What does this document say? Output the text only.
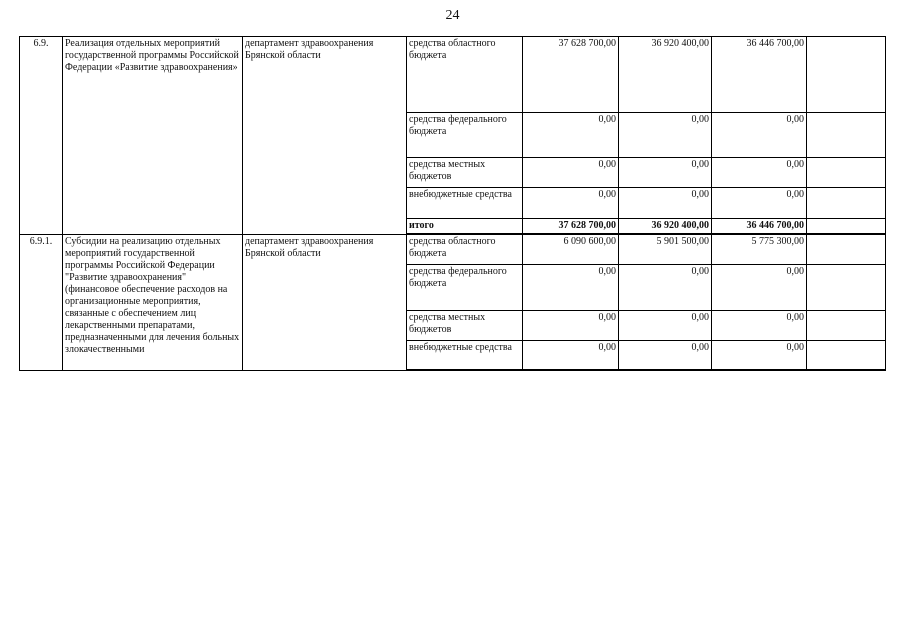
24
6.9.	Реализация отдельных мероприятий государственной программы Российской Федерации «Развитие здравоохранения»	департамент здравоохранения Брянской области	средства областного бюджета	37 628 700,00	36 920 400,00	36 446 700,00	
			средства федерального бюджета	0,00	0,00	0,00	
			средства местных бюджетов	0,00	0,00	0,00	
			внебюджетные средства	0,00	0,00	0,00	
			итого	37 628 700,00	36 920 400,00	36 446 700,00	
6.9.1.	Субсидии на реализацию отдельных мероприятий государственной программы Российской Федерации "Развитие здравоохранения" (финансовое обеспечение расходов на организационные мероприятия, связанные с обеспечением лиц лекарственными препаратами, предназначенными для лечения больных злокачественными	департамент здравоохранения Брянской области	средства областного бюджета	6 090 600,00	5 901 500,00	5 775 300,00	
			средства федерального бюджета	0,00	0,00	0,00	
			средства местных бюджетов	0,00	0,00	0,00	
			внебюджетные средства	0,00	0,00	0,00	
